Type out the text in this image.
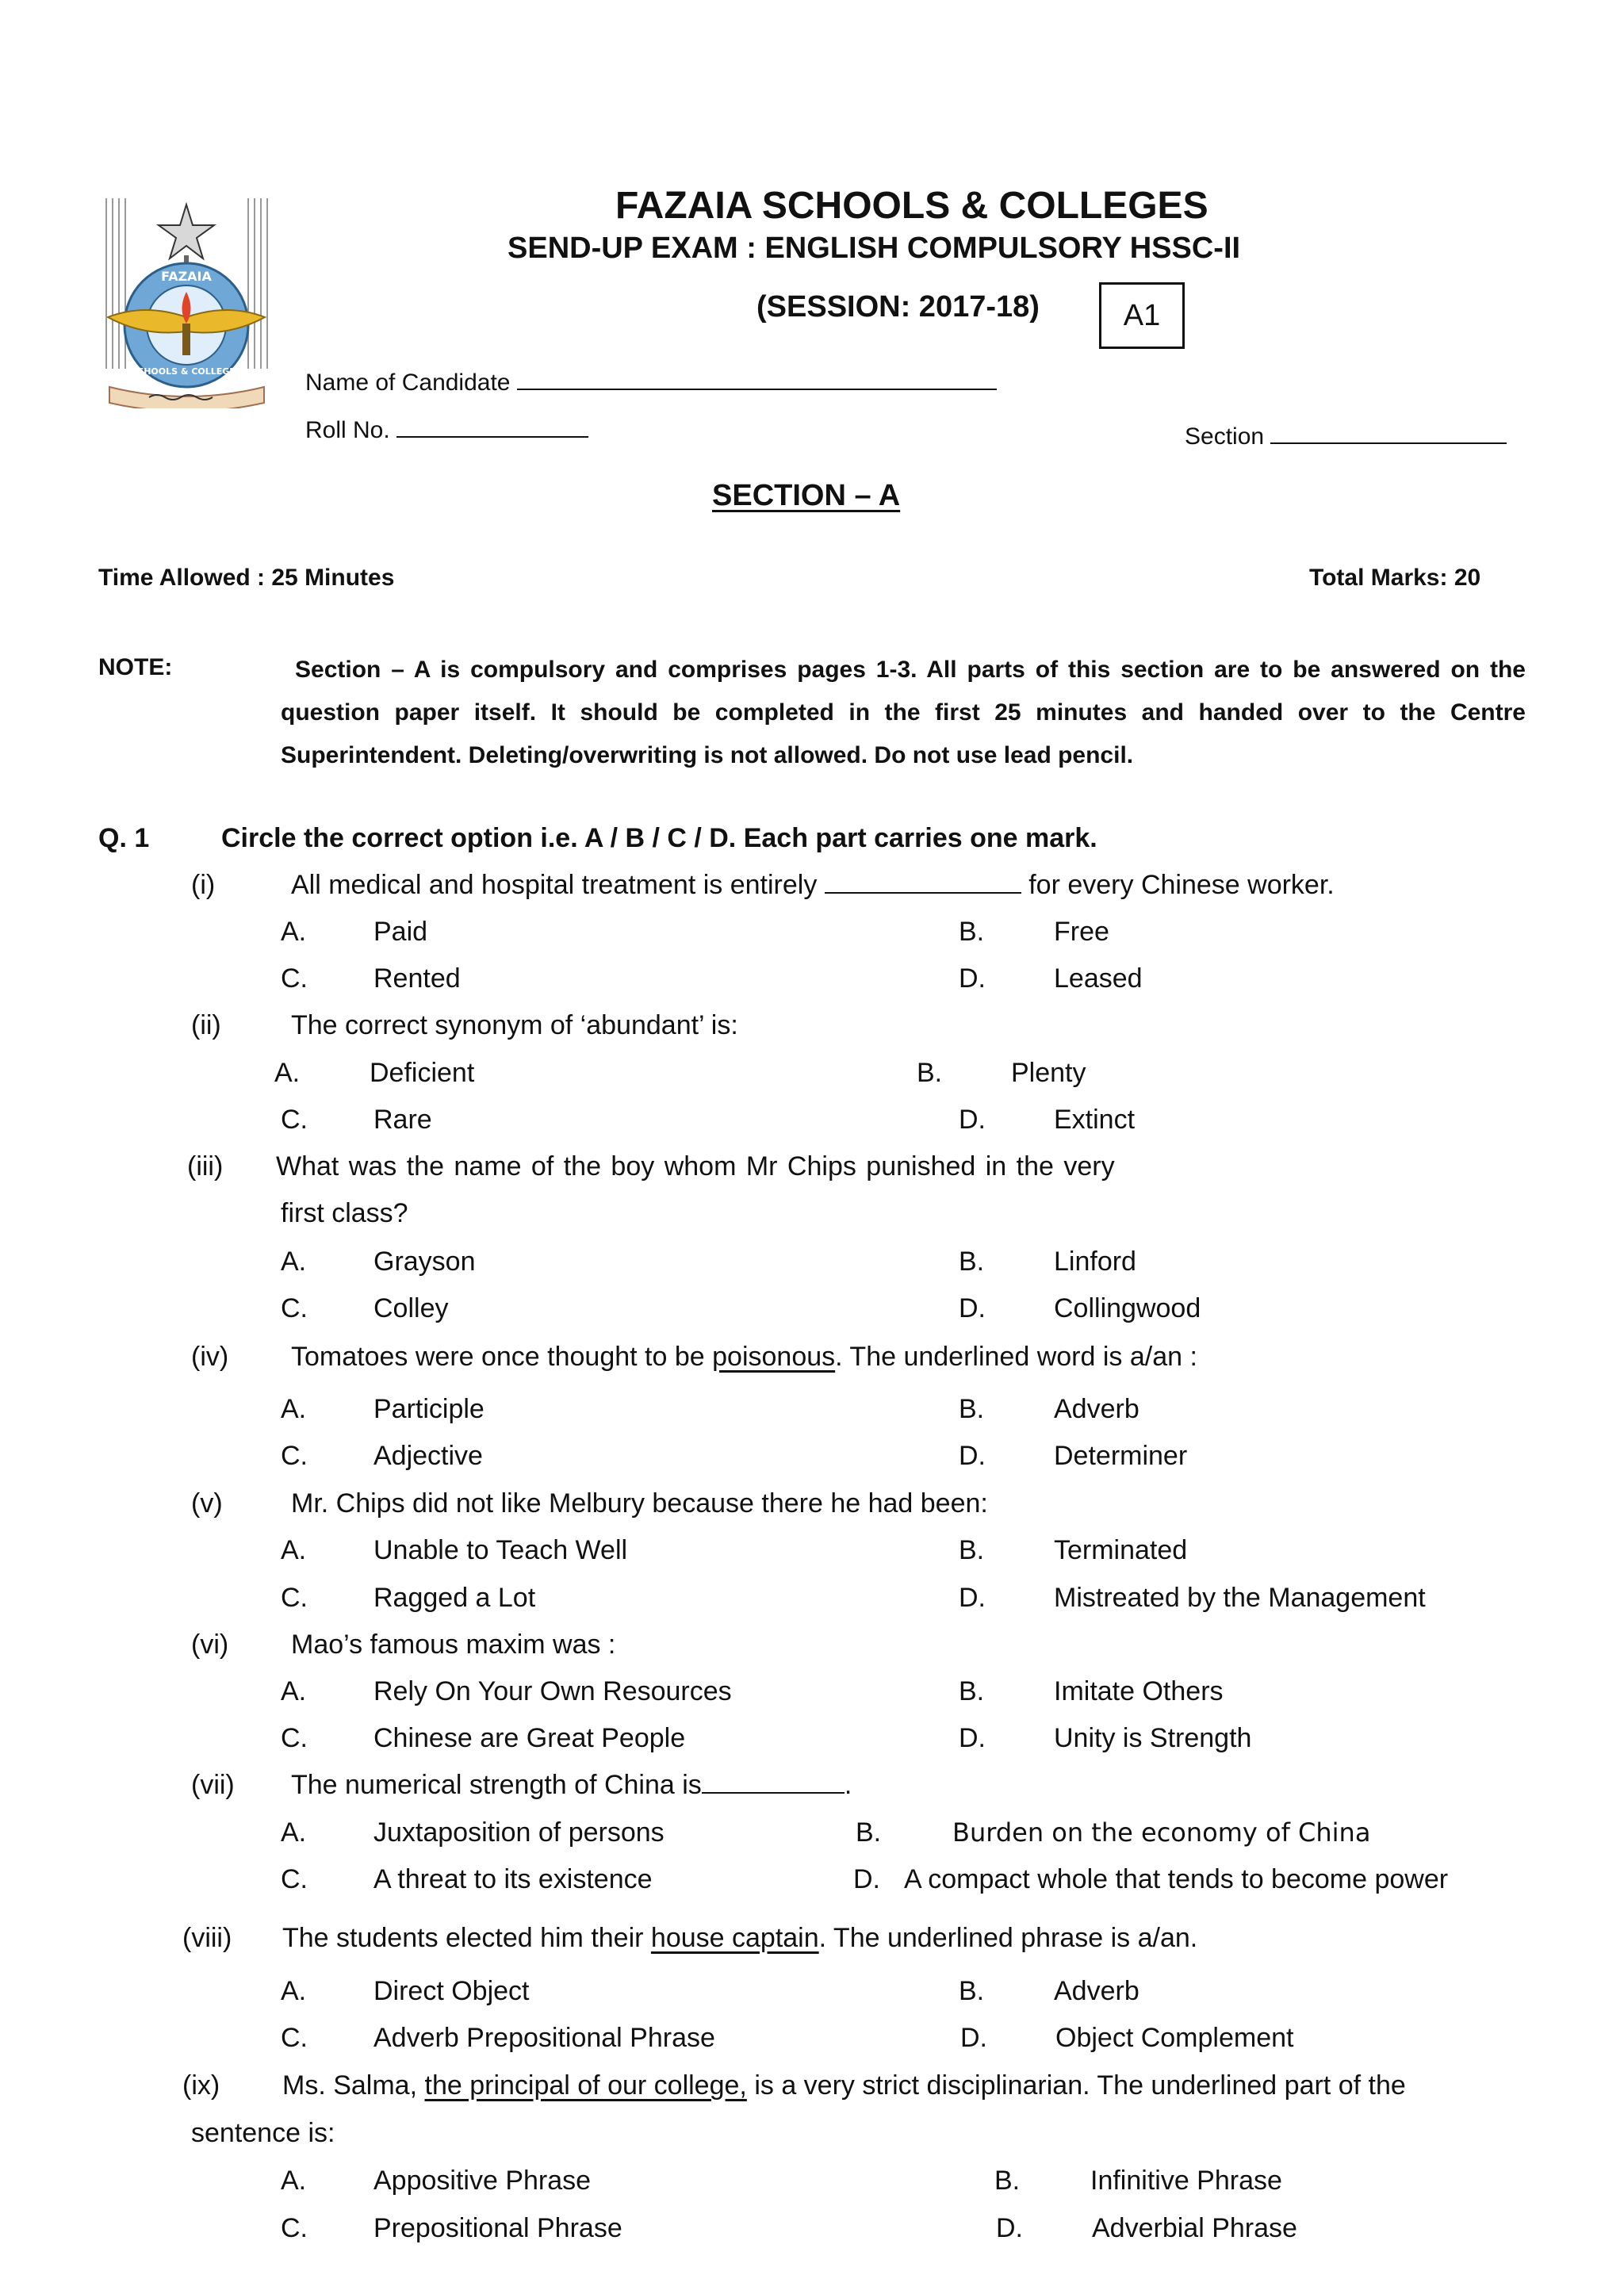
FAZAIA
SCHOOLS & COLLEGES
FAZAIA SCHOOLS & COLLEGES
SEND-UP EXAM : ENGLISH COMPULSORY HSSC-II
(SESSION: 2017-18)	A1
Name of Candidate
Roll No.	Section
SECTION – A
Time Allowed : 25 Minutes	Total Marks: 20
NOTE:	Section – A is compulsory and comprises pages 1-3. All parts of this section are to be answered on the question paper itself. It should be completed in the first 25 minutes and handed over to the Centre Superintendent. Deleting/overwriting is not allowed. Do not use lead pencil.
Q. 1	Circle the correct option i.e. A / B / C / D. Each part carries one mark.
(i)	All medical and hospital treatment is entirely	for every Chinese worker.
A. Paid	B.	Free
C. Rented	D.	Leased
(ii)	The correct synonym of ‘abundant’ is:
A.	Deficient	B.	Plenty
C. Rare	D.	Extinct
(iii) What was the name of the boy whom Mr Chips punished in the very
first class?
A. Grayson	B.	Linford
C. Colley	D.	Collingwood
(iv) Tomatoes were once thought to be poisonous. The underlined word is a/an :
A. Participle	B.	Adverb
C. Adjective	D.	Determiner
(v)	Mr. Chips did not like Melbury because there he had been:
A. Unable to Teach Well	B.	Terminated
C. Ragged a Lot	D.	Mistreated by the Management
(vi) Mao’s famous maxim was :
A. Rely On Your Own Resources	B.	Imitate Others
C. Chinese are Great People	D.	Unity is Strength
(vii) The numerical strength of China is	.
A. Juxtaposition of persons	B.	Burden on the economy of China
C. A threat to its existence	D. A compact whole that tends to become power
(viii) The students elected him their house captain. The underlined phrase is a/an.
A. Direct Object	B.	Adverb
C. Adverb Prepositional Phrase	D.	Object Complement
(ix) Ms. Salma, the principal of our college, is a very strict disciplinarian. The underlined part of the
sentence is:
A. Appositive Phrase	B.	Infinitive Phrase
C. Prepositional Phrase	D.	Adverbial Phrase
